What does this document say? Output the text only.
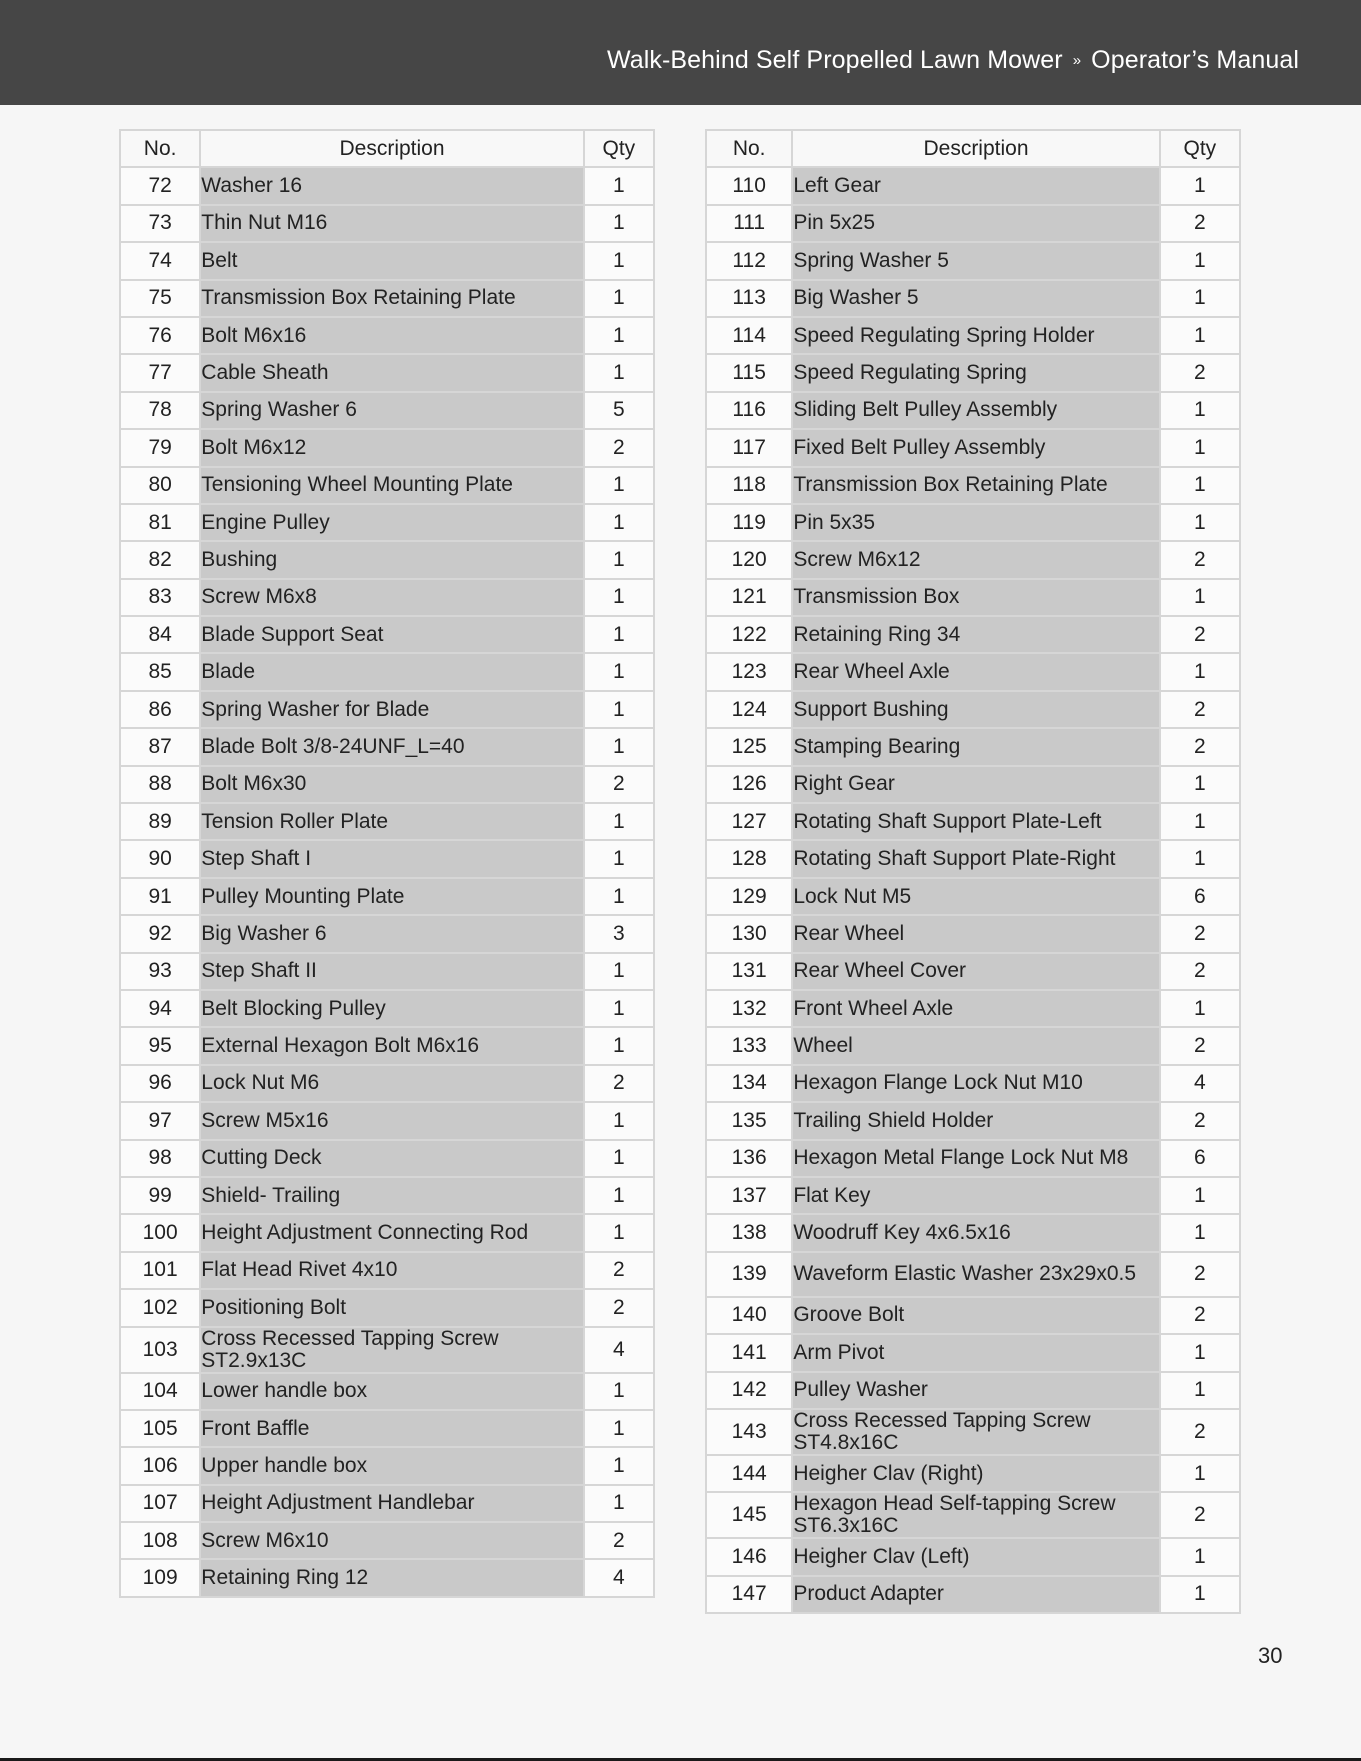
Walk-Behind Self Propelled Lawn Mower » Operator’s Manual
No.	Description	Qty
72	Washer 16	1
73	Thin Nut M16	1
74	Belt	1
75	Transmission Box Retaining Plate	1
76	Bolt M6x16	1
77	Cable Sheath	1
78	Spring Washer 6	5
79	Bolt M6x12	2
80	Tensioning Wheel Mounting Plate	1
81	Engine Pulley	1
82	Bushing	1
83	Screw M6x8	1
84	Blade Support Seat	1
85	Blade	1
86	Spring Washer for Blade	1
87	Blade Bolt 3/8-24UNF_L=40	1
88	Bolt M6x30	2
89	Tension Roller Plate	1
90	Step Shaft I	1
91	Pulley Mounting Plate	1
92	Big Washer 6	3
93	Step Shaft II	1
94	Belt Blocking Pulley	1
95	External Hexagon Bolt M6x16	1
96	Lock Nut M6	2
97	Screw M5x16	1
98	Cutting Deck	1
99	Shield- Trailing	1
100	Height Adjustment Connecting Rod	1
101	Flat Head Rivet 4x10	2
102	Positioning Bolt	2
103	Cross Recessed Tapping Screw ST2.9x13C	4
104	Lower handle box	1
105	Front Baffle	1
106	Upper handle box	1
107	Height Adjustment Handlebar	1
108	Screw M6x10	2
109	Retaining Ring 12	4
No.	Description	Qty
110	Left Gear	1
111	Pin 5x25	2
112	Spring Washer 5	1
113	Big Washer 5	1
114	Speed Regulating Spring Holder	1
115	Speed Regulating Spring	2
116	Sliding Belt Pulley Assembly	1
117	Fixed Belt Pulley Assembly	1
118	Transmission Box Retaining Plate	1
119	Pin 5x35	1
120	Screw M6x12	2
121	Transmission Box	1
122	Retaining Ring 34	2
123	Rear Wheel Axle	1
124	Support Bushing	2
125	Stamping Bearing	2
126	Right Gear	1
127	Rotating Shaft Support Plate-Left	1
128	Rotating Shaft Support Plate-Right	1
129	Lock Nut M5	6
130	Rear Wheel	2
131	Rear Wheel Cover	2
132	Front Wheel Axle	1
133	Wheel	2
134	Hexagon Flange Lock Nut M10	4
135	Trailing Shield Holder	2
136	Hexagon Metal Flange Lock Nut M8	6
137	Flat Key	1
138	Woodruff Key 4x6.5x16	1
139	Waveform Elastic Washer 23x29x0.5	2
140	Groove Bolt	2
141	Arm Pivot	1
142	Pulley Washer	1
143	Cross Recessed Tapping Screw ST4.8x16C	2
144	Heigher Clav (Right)	1
145	Hexagon Head Self-tapping Screw ST6.3x16C	2
146	Heigher Clav (Left)	1
147	Product Adapter	1
30
